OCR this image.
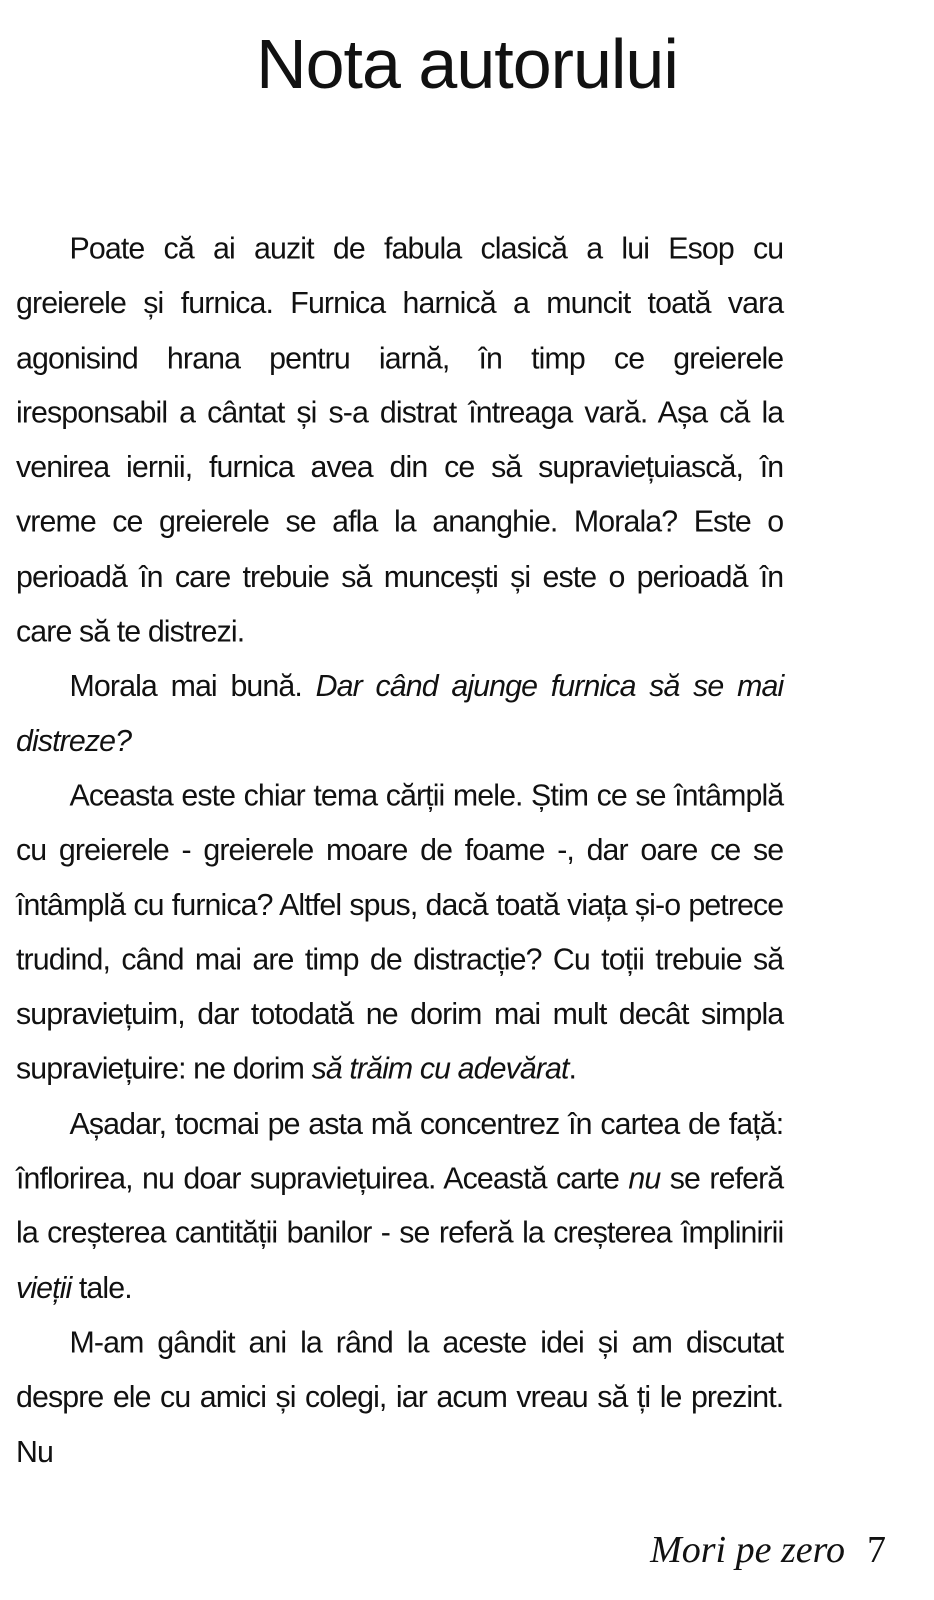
Nota autorului

Poate că ai auzit de fabula clasică a lui Esop cu greierele și furnica. Furnica harnică a muncit toată vara agonisind hrana pentru iarnă, în timp ce greierele iresponsabil a cântat și s-a distrat întreaga vară. Așa că la venirea iernii, furnica avea din ce să supraviețuiască, în vreme ce greierele se afla la ananghie. Morala? Este o perioadă în care trebuie să muncești și este o perioadă în care să te distrezi.

Morala mai bună. Dar când ajunge furnica să se mai distreze?

Aceasta este chiar tema cărții mele. Știm ce se întâmplă cu greierele - greierele moare de foame -, dar oare ce se întâmplă cu furnica? Altfel spus, dacă toată viața și-o petrece trudind, când mai are timp de distracție? Cu toții trebuie să supraviețuim, dar totodată ne dorim mai mult decât simpla supraviețuire: ne dorim să trăim cu adevărat.

Așadar, tocmai pe asta mă concentrez în cartea de față: înflorirea, nu doar supraviețuirea. Această carte nu se referă la creșterea cantității banilor - se referă la creșterea împlinirii vieții tale.

M-am gândit ani la rând la aceste idei și am discutat despre ele cu amici și colegi, iar acum vreau să ți le prezint. Nu

Mori pe zero 7
